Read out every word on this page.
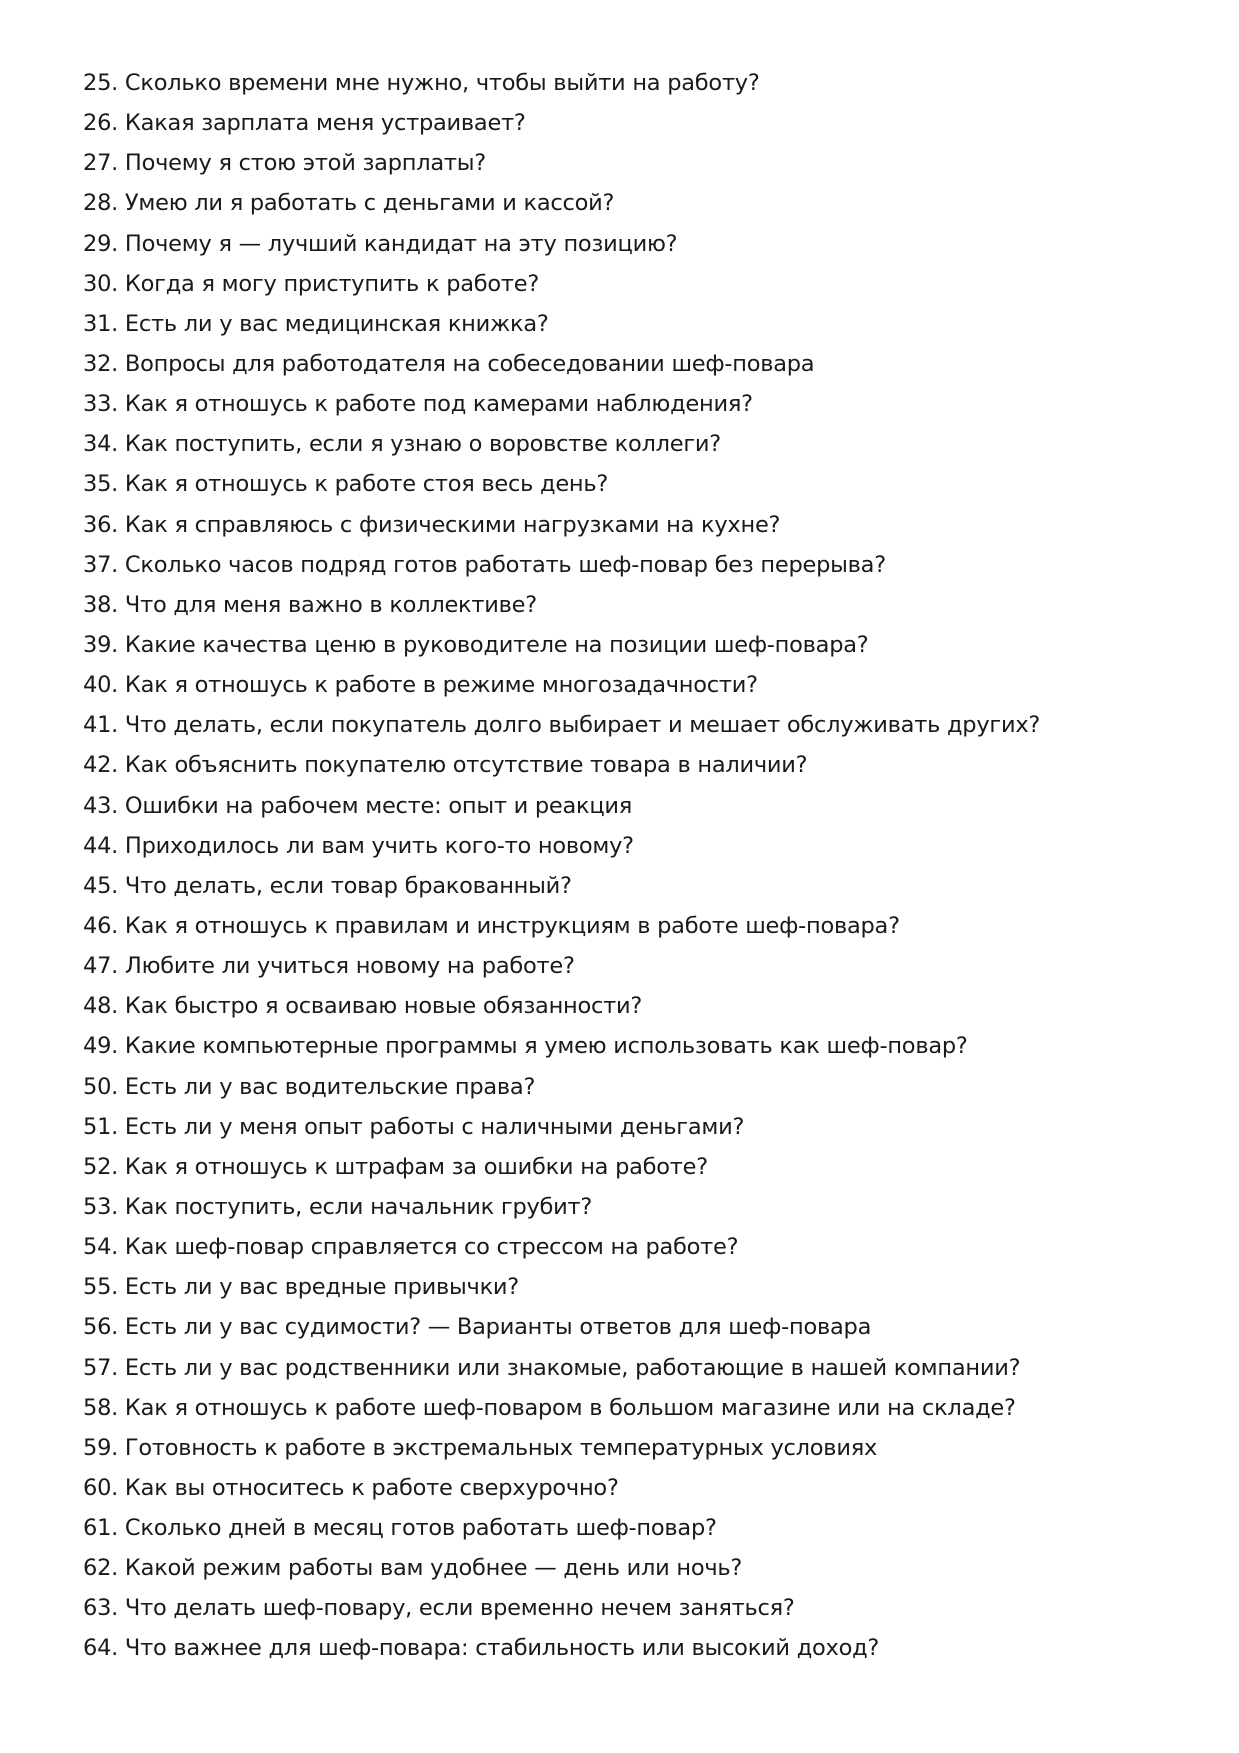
25. Сколько времени мне нужно, чтобы выйти на работу?
26. Какая зарплата меня устраивает?
27. Почему я стою этой зарплаты?
28. Умею ли я работать с деньгами и кассой?
29. Почему я — лучший кандидат на эту позицию?
30. Когда я могу приступить к работе?
31. Есть ли у вас медицинская книжка?
32. Вопросы для работодателя на собеседовании шеф-повара
33. Как я отношусь к работе под камерами наблюдения?
34. Как поступить, если я узнаю о воровстве коллеги?
35. Как я отношусь к работе стоя весь день?
36. Как я справляюсь с физическими нагрузками на кухне?
37. Сколько часов подряд готов работать шеф-повар без перерыва?
38. Что для меня важно в коллективе?
39. Какие качества ценю в руководителе на позиции шеф-повара?
40. Как я отношусь к работе в режиме многозадачности?
41. Что делать, если покупатель долго выбирает и мешает обслуживать других?
42. Как объяснить покупателю отсутствие товара в наличии?
43. Ошибки на рабочем месте: опыт и реакция
44. Приходилось ли вам учить кого-то новому?
45. Что делать, если товар бракованный?
46. Как я отношусь к правилам и инструкциям в работе шеф-повара?
47. Любите ли учиться новому на работе?
48. Как быстро я осваиваю новые обязанности?
49. Какие компьютерные программы я умею использовать как шеф-повар?
50. Есть ли у вас водительские права?
51. Есть ли у меня опыт работы с наличными деньгами?
52. Как я отношусь к штрафам за ошибки на работе?
53. Как поступить, если начальник грубит?
54. Как шеф-повар справляется со стрессом на работе?
55. Есть ли у вас вредные привычки?
56. Есть ли у вас судимости? — Варианты ответов для шеф-повара
57. Есть ли у вас родственники или знакомые, работающие в нашей компании?
58. Как я отношусь к работе шеф-поваром в большом магазине или на складе?
59. Готовность к работе в экстремальных температурных условиях
60. Как вы относитесь к работе сверхурочно?
61. Сколько дней в месяц готов работать шеф-повар?
62. Какой режим работы вам удобнее — день или ночь?
63. Что делать шеф-повару, если временно нечем заняться?
64. Что важнее для шеф-повара: стабильность или высокий доход?
